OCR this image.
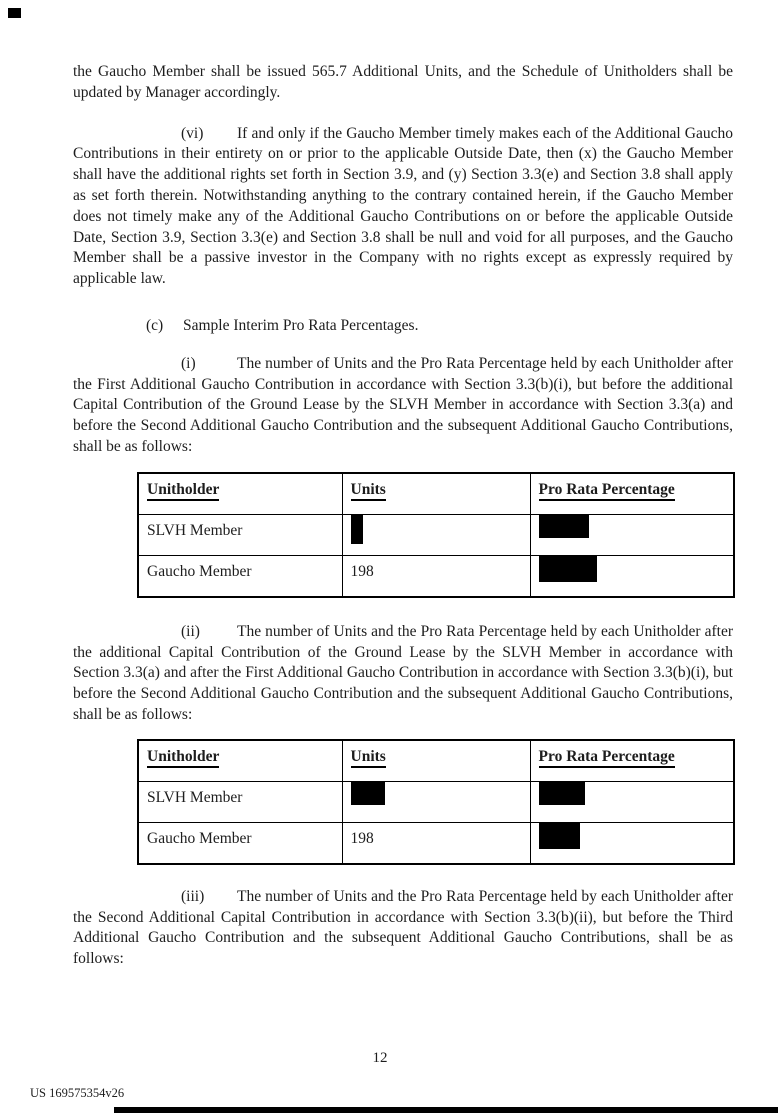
the Gaucho Member shall be issued 565.7 Additional Units, and the Schedule of Unitholders shall be updated by Manager accordingly.

(vi) If and only if the Gaucho Member timely makes each of the Additional Gaucho Contributions in their entirety on or prior to the applicable Outside Date, then (x) the Gaucho Member shall have the additional rights set forth in Section 3.9, and (y) Section 3.3(e) and Section 3.8 shall apply as set forth therein. Notwithstanding anything to the contrary contained herein, if the Gaucho Member does not timely make any of the Additional Gaucho Contributions on or before the applicable Outside Date, Section 3.9, Section 3.3(e) and Section 3.8 shall be null and void for all purposes, and the Gaucho Member shall be a passive investor in the Company with no rights except as expressly required by applicable law.

(c) Sample Interim Pro Rata Percentages.

(i)	The number of Units and the Pro Rata Percentage held by each Unitholder after the First Additional Gaucho Contribution in accordance with Section 3.3(b)(i), but before the additional Capital Contribution of the Ground Lease by the SLVH Member in accordance with Section 3.3(a) and before the Second Additional Gaucho Contribution and the subsequent Additional Gaucho Contributions, shall be as follows:

Unitholder	Units	Pro Rata Percentage
SLVH Member	

Gaucho Member	198	

(ii) The number of Units and the Pro Rata Percentage held by each Unitholder after the additional Capital Contribution of the Ground Lease by the SLVH Member in accordance with Section 3.3(a) and after the First Additional Gaucho Contribution in accordance with Section 3.3(b)(i), but before the Second Additional Gaucho Contribution and the subsequent Additional Gaucho Contributions, shall be as follows:

Unitholder	Units	Pro Rata Percentage
SLVH Member	

Gaucho Member	198	

(iii) The number of Units and the Pro Rata Percentage held by each Unitholder after the Second Additional Capital Contribution in accordance with Section 3.3(b)(ii), but before the Third Additional Gaucho Contribution and the subsequent Additional Gaucho Contributions, shall be as follows:

12
US 169575354v26
